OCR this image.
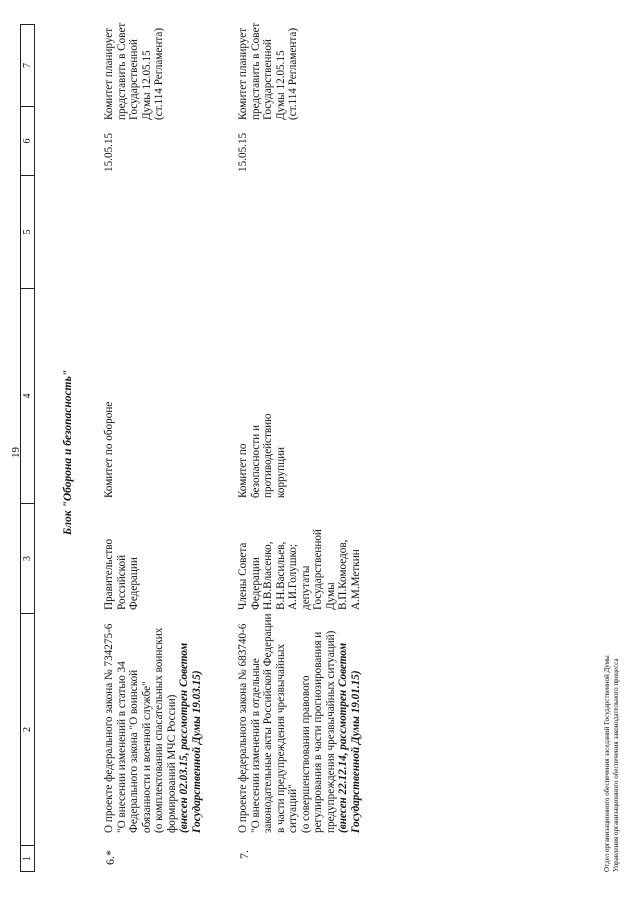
19
1
2
3
4
5
6
7
Блок "Оборона и безопасность"
6.*
О проекте федерального закона № 734275-6 "О внесении изменений в статью 34 Федерального закона "О воинской обязанности и военной службе" (о комплектовании спасательных воинских формирований МЧС России) (внесен 02.03.15, рассмотрен Советом Государственной Думы 19.03.15)
Правительство Российской Федерации
Комитет по обороне
15.05.15
Комитет планирует представить в Совет Государственной Думы 12.05.15 (ст.114 Регламента)
7.
О проекте федерального закона № 683740-6 "О внесении изменений в отдельные законодательные акты Российской Федерации в части предупреждения чрезвычайных ситуаций" (о совершенствовании правового регулирования в части прогнозирования и предупреждения чрезвычайных ситуаций) (внесен 22.12.14, рассмотрен Советом Государственной Думы 19.01.15)
Члены Совета Федерации Н.В.Власенко, В.Н.Васильев, А.И.Голушко; депутаты Государственной Думы В.П.Комоедов, А.М.Меткин
Комитет по безопасности и противодействию коррупции
15.05.15
Комитет планирует представить в Совет Государственной Думы 12.05.15 (ст.114 Регламента)
Отдел организационного обеспечения заседаний Государственной Думы Управления организационного обеспечения законодательного процесса
